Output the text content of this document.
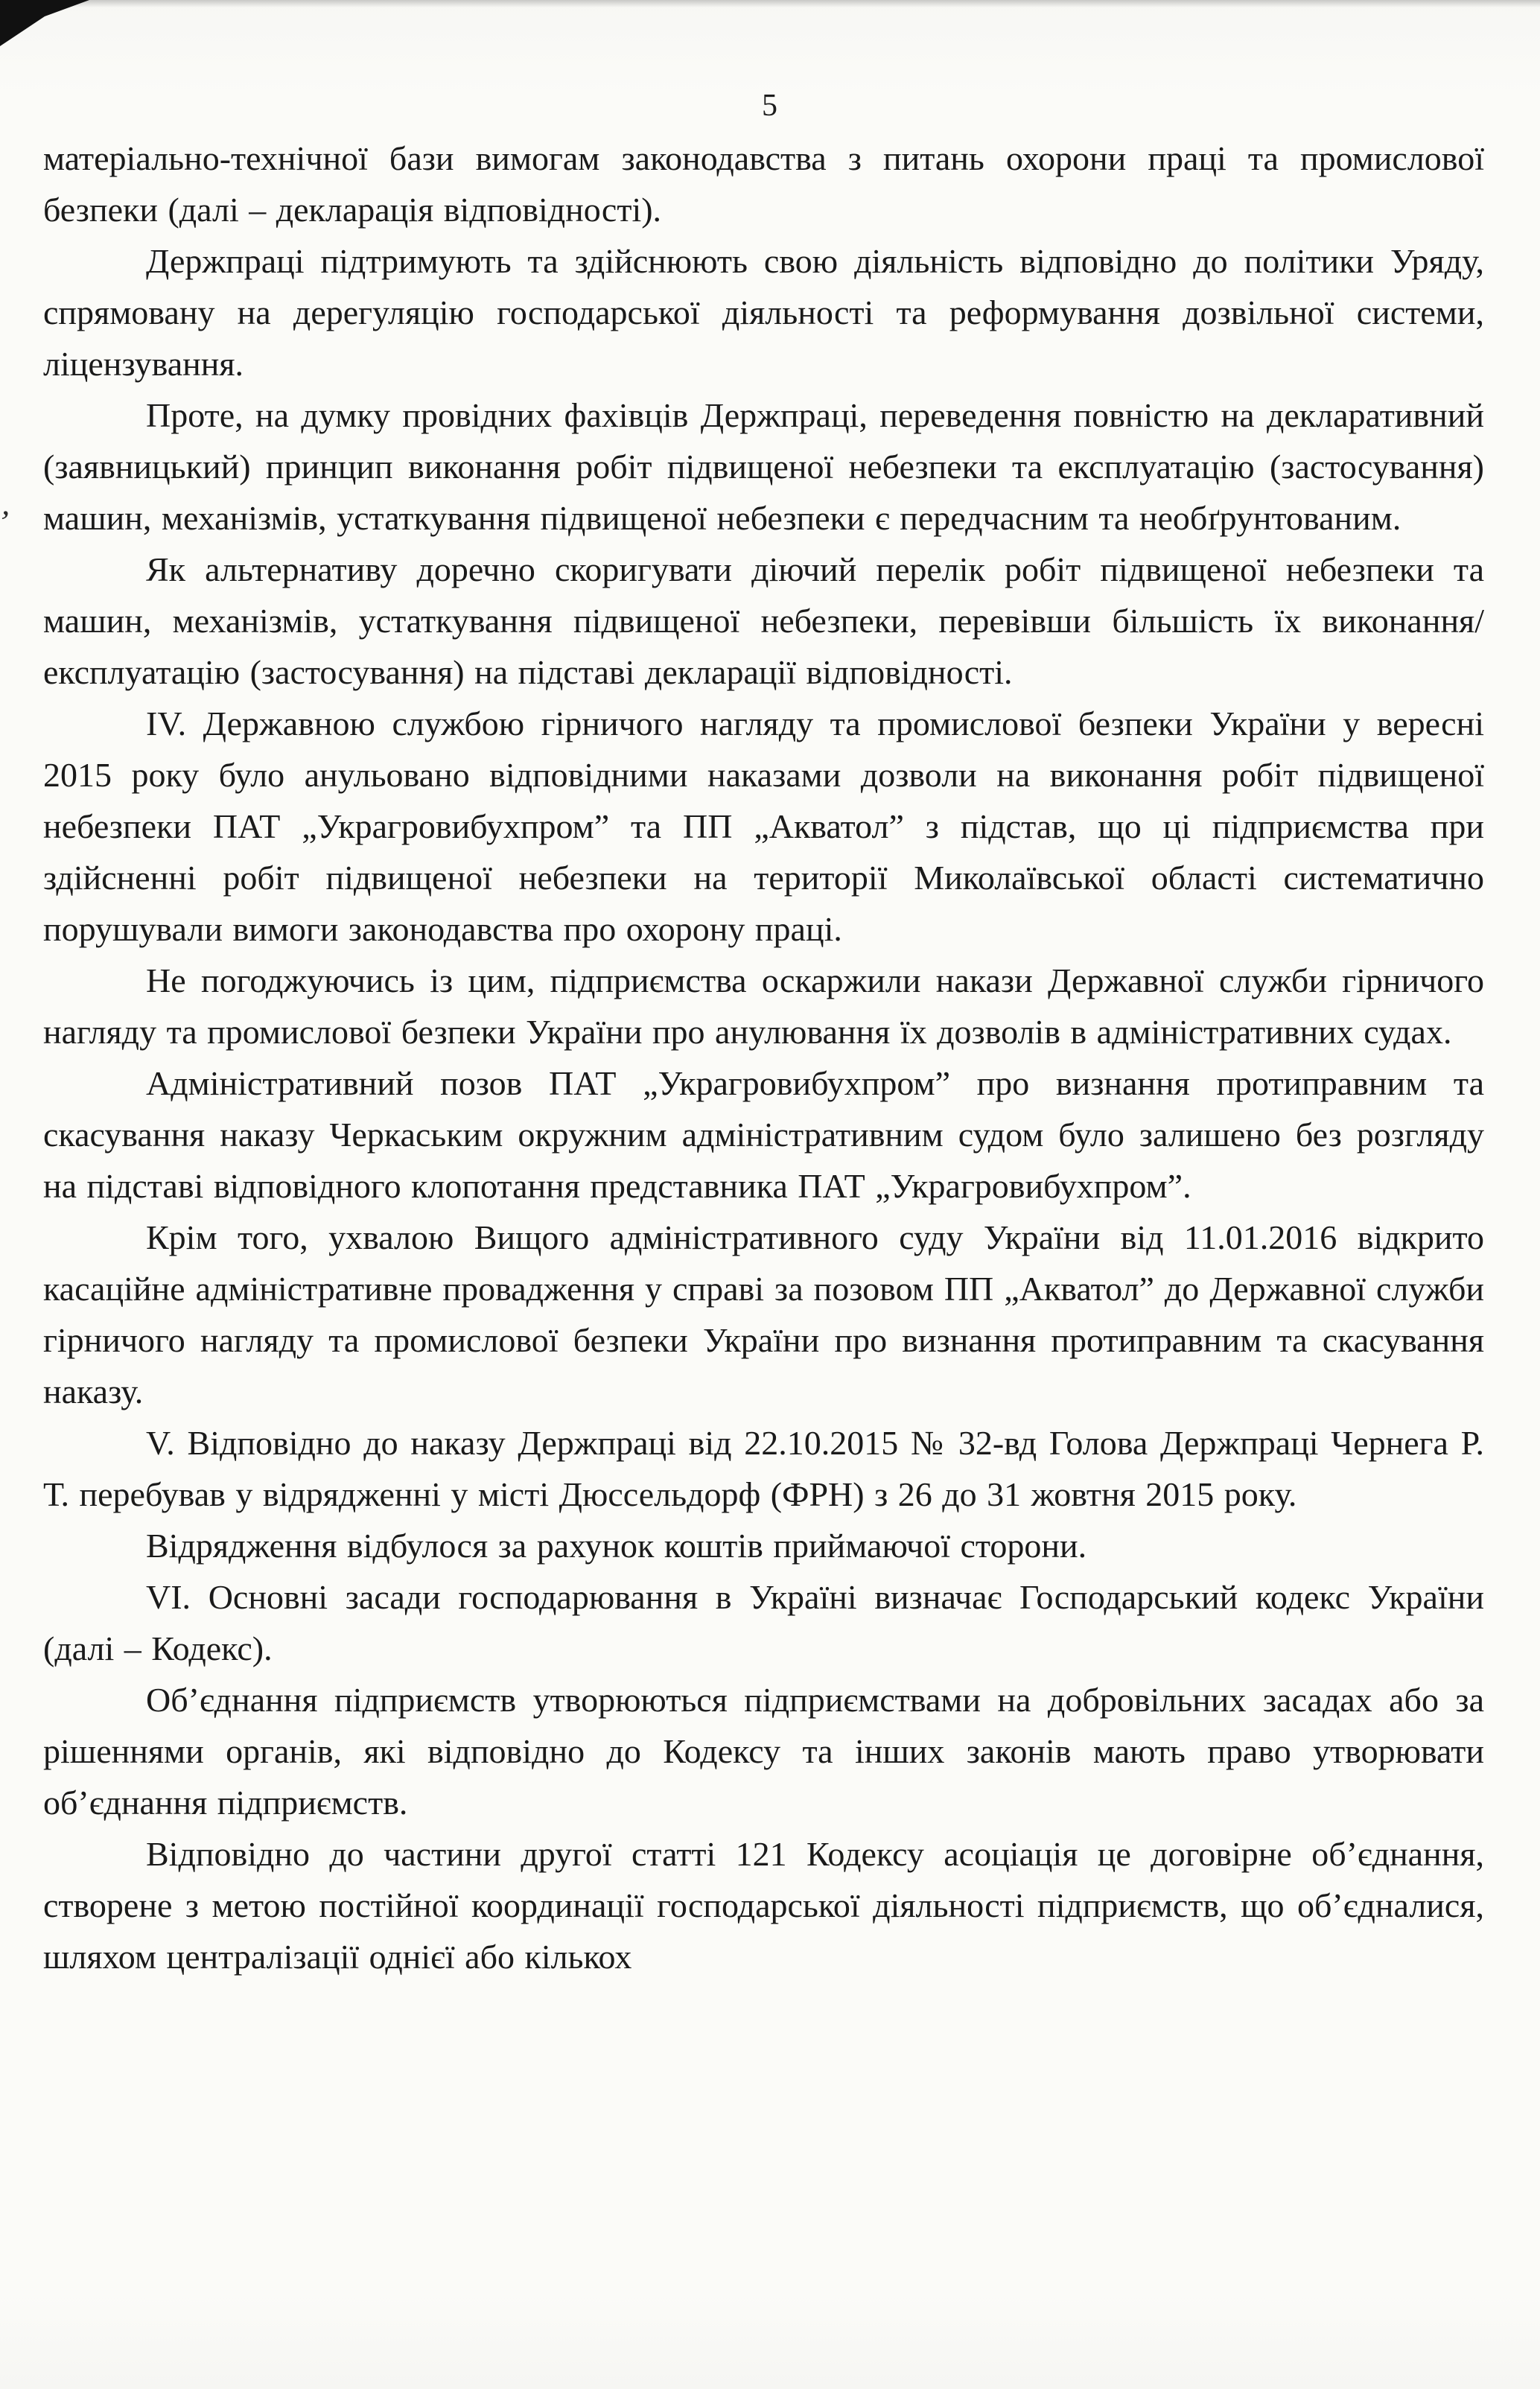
,
5

матеріально-технічної бази вимогам законодавства з питань охорони праці та промислової безпеки (далі – декларація відповідності).

Держпраці підтримують та здійснюють свою діяльність відповідно до політики Уряду, спрямовану на дерегуляцію господарської діяльності та реформування дозвільної системи, ліцензування.

Проте, на думку провідних фахівців Держпраці, переведення повністю на декларативний (заявницький) принцип виконання робіт підвищеної небезпеки та експлуатацію (застосування) машин, механізмів, устаткування підвищеної небезпеки є передчасним та необґрунтованим.

Як альтернативу доречно скоригувати діючий перелік робіт підвищеної небезпеки та машин, механізмів, устаткування підвищеної небезпеки, перевівши більшість їх виконання/експлуатацію (застосування) на підставі декларації відповідності.

IV. Державною службою гірничого нагляду та промислової безпеки України у вересні 2015 року було анульовано відповідними наказами дозволи на виконання робіт підвищеної небезпеки ПАТ „Украгровибухпром” та ПП „Акватол” з підстав, що ці підприємства при здійсненні робіт підвищеної небезпеки на території Миколаївської області систематично порушували вимоги законодавства про охорону праці.

Не погоджуючись із цим, підприємства оскаржили накази Державної служби гірничого нагляду та промислової безпеки України про анулювання їх дозволів в адміністративних судах.

Адміністративний позов ПАТ „Украгровибухпром” про визнання протиправним та скасування наказу Черкаським окружним адміністративним судом було залишено без розгляду на підставі відповідного клопотання представника ПАТ „Украгровибухпром”.

Крім того, ухвалою Вищого адміністративного суду України від 11.01.2016 відкрито касаційне адміністративне провадження у справі за позовом ПП „Акватол” до Державної служби гірничого нагляду та промислової безпеки України про визнання протиправним та скасування наказу.

V. Відповідно до наказу Держпраці від 22.10.2015 № 32-вд Голова Держпраці Чернега Р. Т. перебував у відрядженні у місті Дюссельдорф (ФРН) з 26 до 31 жовтня 2015 року.

Відрядження відбулося за рахунок коштів приймаючої сторони.

VI. Основні засади господарювання в Україні визначає Господарський кодекс України (далі – Кодекс).

Об’єднання підприємств утворюються підприємствами на добровільних засадах або за рішеннями органів, які відповідно до Кодексу та інших законів мають право утворювати об’єднання підприємств.

Відповідно до частини другої статті 121 Кодексу асоціація це договірне об’єднання, створене з метою постійної координації господарської діяльності підприємств, що об’єдналися, шляхом централізації однієї або кількох
